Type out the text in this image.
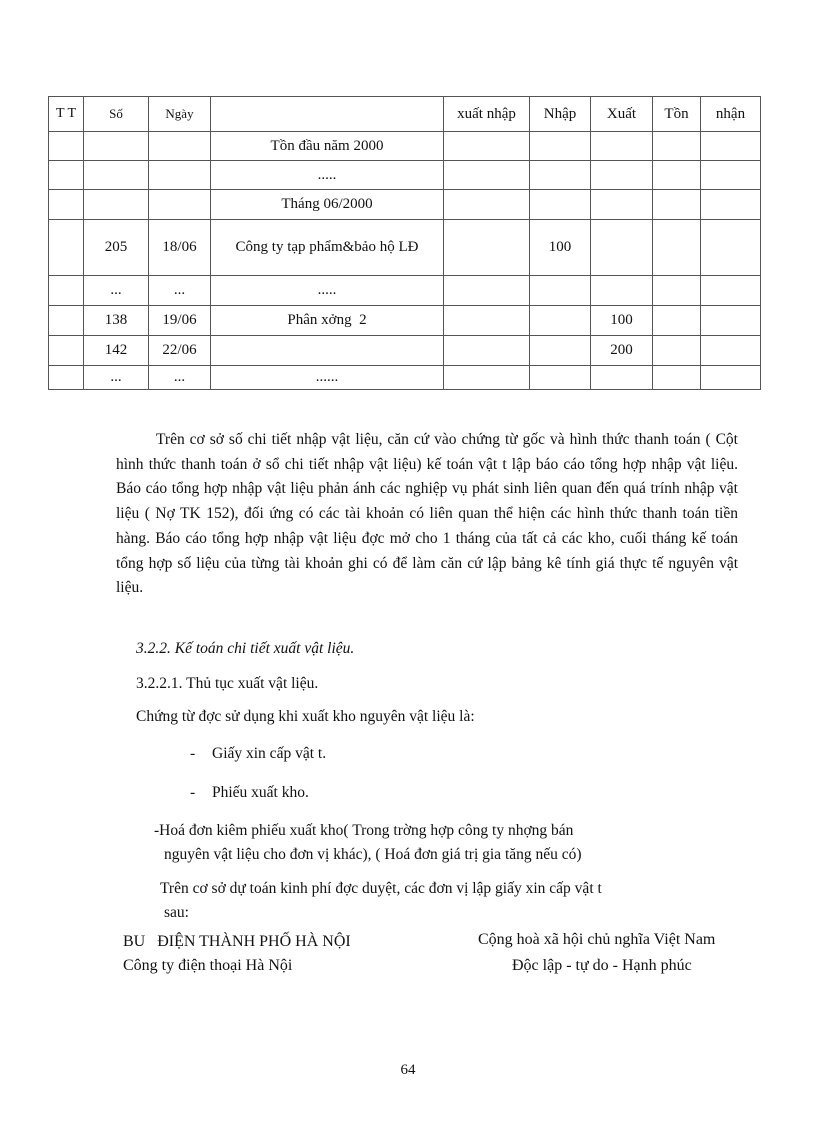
T T	Số	Ngày		xuất nhập	Nhập	Xuất	Tồn	nhận
			Tồn đầu năm 2000					
			.....					
			Tháng 06/2000					
	205	18/06	Công ty tạp phẩm&bảo hộ LĐ		100			
	...	...	.....					
	138	19/06	Phân xởng  2			100		
	142	22/06				200		
	...	...	......					
Trên cơ sở số chi tiết nhập vật liệu, căn cứ vào chứng từ gốc và hình thức thanh toán ( Cột hình thức thanh toán ở sổ chi tiết nhập vật liệu) kế toán vật t lập báo cáo tổng hợp nhập vật liệu. Báo cáo tổng hợp nhập vật liệu phản ánh các nghiệp vụ phát sinh liên quan đến quá trính nhập vật liệu ( Nợ TK 152), đối ứng có các tài khoản có liên quan thể hiện các hình thức thanh toán tiền hàng. Báo cáo tổng hợp nhập vật liệu đợc mở cho 1 tháng của tất cả các kho, cuối tháng kế toán tổng hợp số liệu của từng tài khoản ghi có để làm căn cứ lập bảng kê tính giá thực tế nguyên vật liệu.
3.2.2. Kế toán chi tiết xuất vật liệu.
3.2.2.1. Thủ tục xuất vật liệu.
Chứng từ đợc sử dụng khi xuất kho nguyên vật liệu là:
- Giấy xin cấp vật t.
- Phiếu xuất kho.
-Hoá đơn kiêm phiếu xuất kho( Trong trờng hợp công ty nhợng bán
nguyên vật liệu cho đơn vị khác), ( Hoá đơn giá trị gia tăng nếu có)
Trên cơ sở dự toán kinh phí đợc duyệt, các đơn vị lập giấy xin cấp vật t
sau:
BU   ĐIỆN THÀNH PHỐ HÀ NỘI
Công ty điện thoại Hà Nội
Cộng hoà xã hội chủ nghĩa Việt Nam
Độc lập - tự do - Hạnh phúc
64
